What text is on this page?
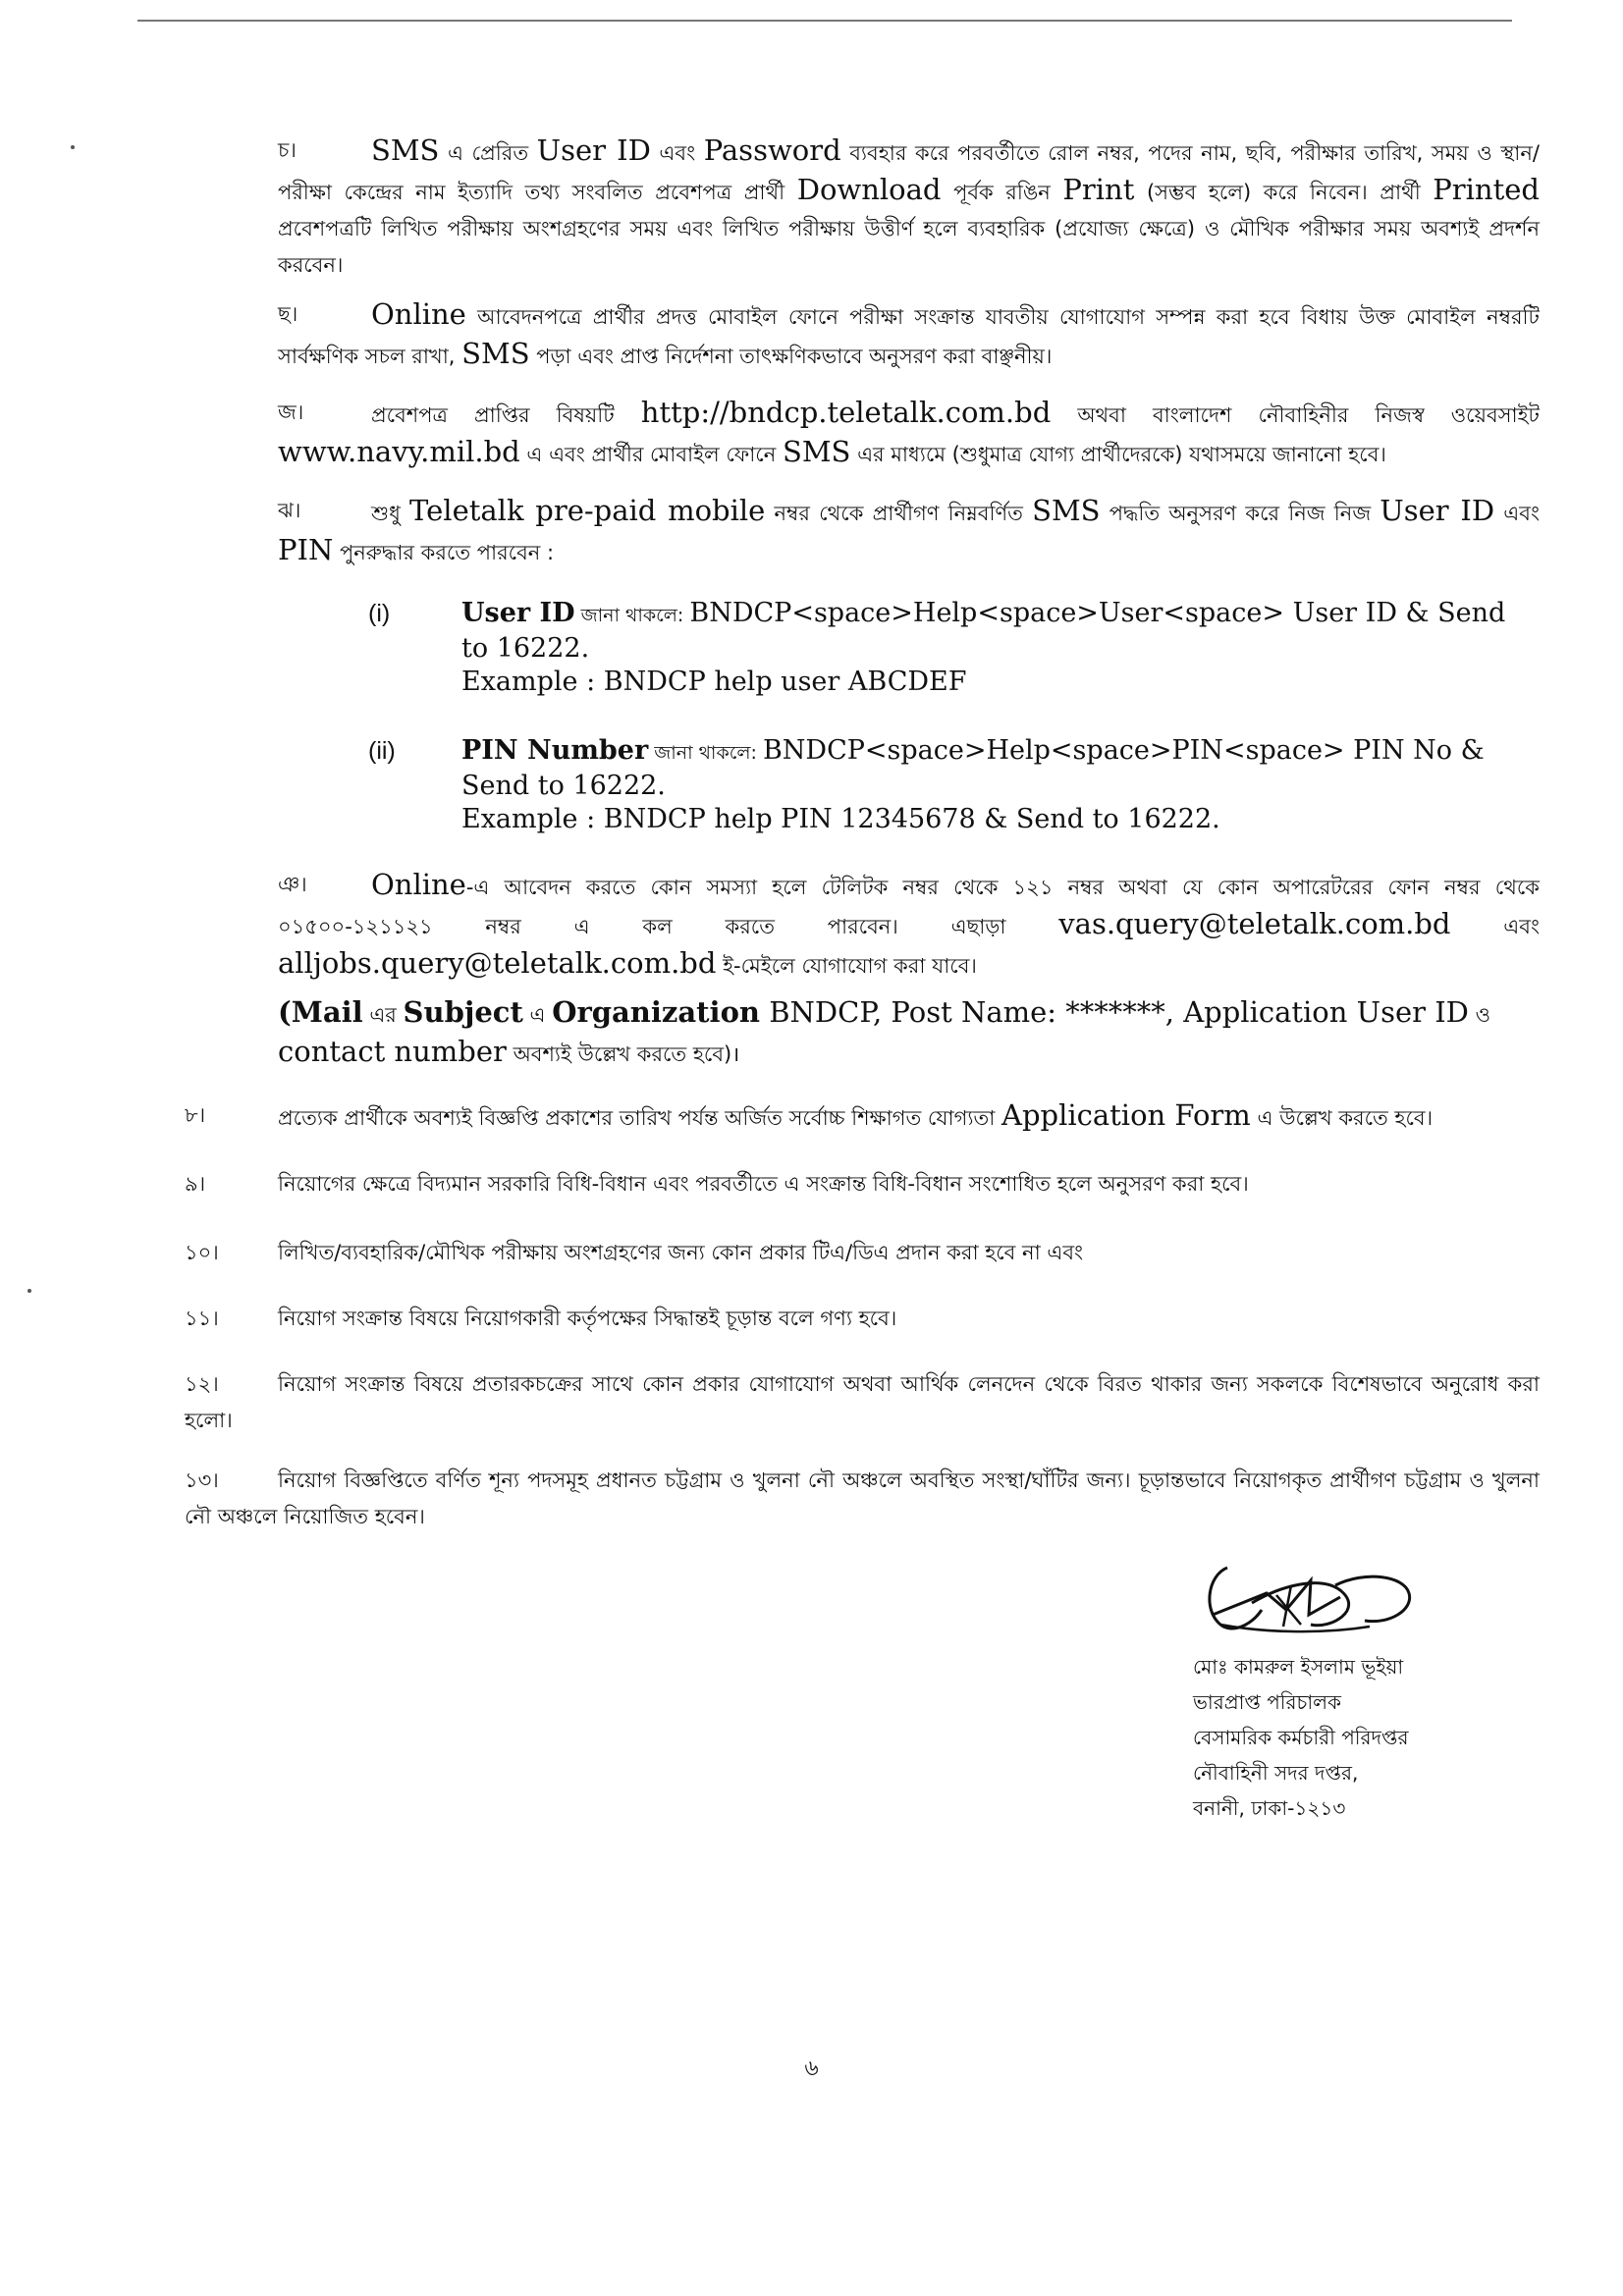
চ।	SMS এ প্রেরিত User ID এবং Password ব্যবহার করে পরবর্তীতে রোল নম্বর, পদের নাম, ছবি, পরীক্ষার তারিখ, সময় ও স্থান/পরীক্ষা কেন্দ্রের নাম ইত্যাদি তথ্য সংবলিত প্রবেশপত্র প্রার্থী Download পূর্বক রঙিন Print (সম্ভব হলে) করে নিবেন। প্রার্থী Printed প্রবেশপত্রটি লিখিত পরীক্ষায় অংশগ্রহণের সময় এবং লিখিত পরীক্ষায় উত্তীর্ণ হলে ব্যবহারিক (প্রযোজ্য ক্ষেত্রে) ও মৌখিক পরীক্ষার সময় অবশ্যই প্রদর্শন করবেন।

ছ।	Online আবেদনপত্রে প্রার্থীর প্রদত্ত মোবাইল ফোনে পরীক্ষা সংক্রান্ত যাবতীয় যোগাযোগ সম্পন্ন করা হবে বিধায় উক্ত মোবাইল নম্বরটি সার্বক্ষণিক সচল রাখা, SMS পড়া এবং প্রাপ্ত নির্দেশনা তাৎক্ষণিকভাবে অনুসরণ করা বাঞ্ছনীয়।

জ।	প্রবেশপত্র প্রাপ্তির বিষয়টি http://bndcp.teletalk.com.bd অথবা বাংলাদেশ নৌবাহিনীর নিজস্ব ওয়েবসাইট www.navy.mil.bd এ এবং প্রার্থীর মোবাইল ফোনে SMS এর মাধ্যমে (শুধুমাত্র যোগ্য প্রার্থীদেরকে) যথাসময়ে জানানো হবে।

ঝ।	শুধু Teletalk pre-paid mobile নম্বর থেকে প্রার্থীগণ নিম্নবর্ণিত SMS পদ্ধতি অনুসরণ করে নিজ নিজ User ID এবং PIN পুনরুদ্ধার করতে পারবেন :

(i)	User ID জানা থাকলে: BNDCP<space>Help<space>User<space> User ID & Send to 16222.
Example : BNDCP help user ABCDEF
(ii) PIN Number জানা থাকলে: BNDCP<space>Help<space>PIN<space> PIN No & Send to 16222.
Example : BNDCP help PIN 12345678 & Send to 16222.
ঞ।	Online-এ আবেদন করতে কোন সমস্যা হলে টেলিটক নম্বর থেকে ১২১ নম্বর অথবা যে কোন অপারেটরের ফোন নম্বর থেকে ০১৫০০-১২১১২১ নম্বর এ কল করতে পারবেন। এছাড়া vas.query@teletalk.com.bd এবং alljobs.query@teletalk.com.bd ই-মেইলে যোগাযোগ করা যাবে।

(Mail এর Subject এ Organization BNDCP, Post Name: *******, Application User ID ও contact number অবশ্যই উল্লেখ করতে হবে)।
৮।	প্রত্যেক প্রার্থীকে অবশ্যই বিজ্ঞপ্তি প্রকাশের তারিখ পর্যন্ত অর্জিত সর্বোচ্চ শিক্ষাগত যোগ্যতা Application Form এ উল্লেখ করতে হবে।

৯।	নিয়োগের ক্ষেত্রে বিদ্যমান সরকারি বিধি-বিধান এবং পরবর্তীতে এ সংক্রান্ত বিধি-বিধান সংশোধিত হলে অনুসরণ করা হবে।

১০।	লিখিত/ব্যবহারিক/মৌখিক পরীক্ষায় অংশগ্রহণের জন্য কোন প্রকার টিএ/ডিএ প্রদান করা হবে না এবং

১১।	নিয়োগ সংক্রান্ত বিষয়ে নিয়োগকারী কর্তৃপক্ষের সিদ্ধান্তই চূড়ান্ত বলে গণ্য হবে।

১২।	নিয়োগ সংক্রান্ত বিষয়ে প্রতারকচক্রের সাথে কোন প্রকার যোগাযোগ অথবা আর্থিক লেনদেন থেকে বিরত থাকার জন্য সকলকে বিশেষভাবে অনুরোধ করা হলো।

১৩।	নিয়োগ বিজ্ঞপ্তিতে বর্ণিত শূন্য পদসমূহ প্রধানত চট্টগ্রাম ও খুলনা নৌ অঞ্চলে অবস্থিত সংস্থা/ঘাঁটির জন্য। চূড়ান্তভাবে নিয়োগকৃত প্রার্থীগণ চট্টগ্রাম ও খুলনা নৌ অঞ্চলে নিয়োজিত হবেন।

মোঃ কামরুল ইসলাম ভূইয়া
ভারপ্রাপ্ত পরিচালক
বেসামরিক কর্মচারী পরিদপ্তর
নৌবাহিনী সদর দপ্তর,
বনানী, ঢাকা-১২১৩
৬
